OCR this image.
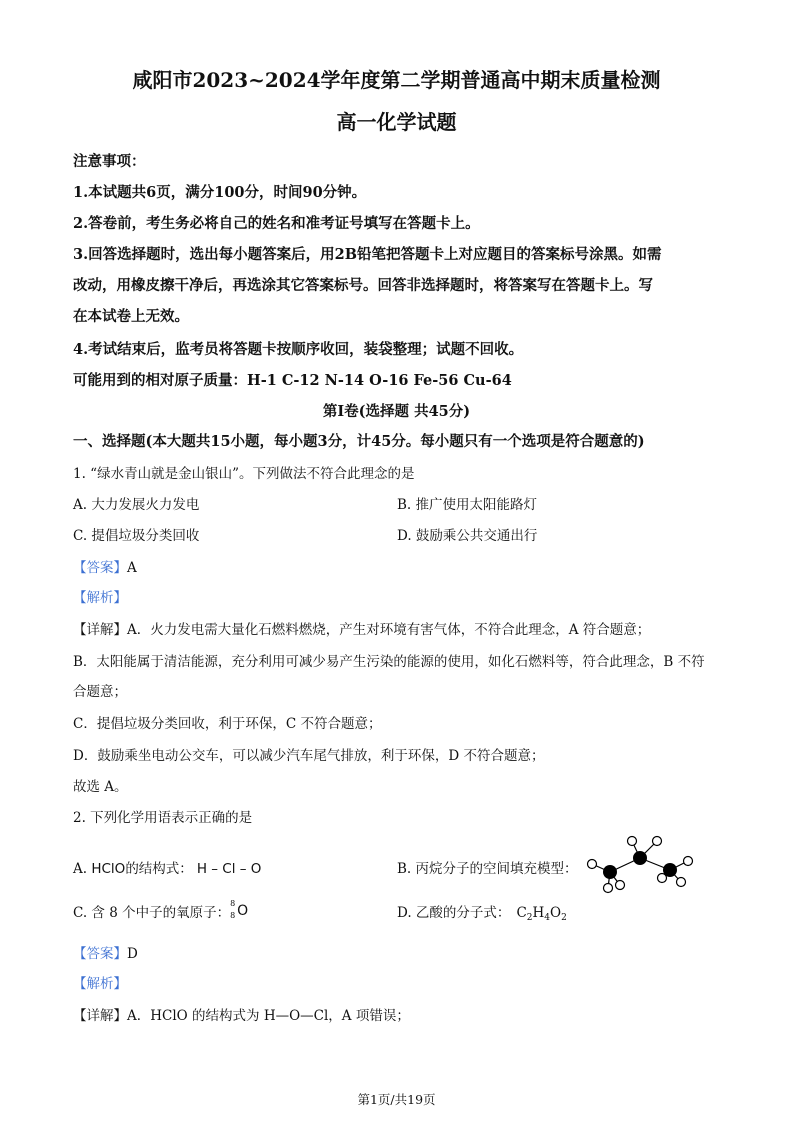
咸阳市2023~2024学年度第二学期普通高中期末质量检测
高一化学试题
注意事项：
1.本试题共6页，满分100分，时间90分钟。
2.答卷前，考生务必将自己的姓名和准考证号填写在答题卡上。
3.回答选择题时，选出每小题答案后，用2B铅笔把答题卡上对应题目的答案标号涂黑。如需
改动，用橡皮擦干净后，再选涂其它答案标号。回答非选择题时，将答案写在答题卡上。写
在本试卷上无效。
4.考试结束后，监考员将答题卡按顺序收回，装袋整理；试题不回收。
可能用到的相对原子质量：H-1 C-12 N-14 O-16 Fe-56 Cu-64
第Ⅰ卷(选择题 共45分)
一、选择题(本大题共15小题，每小题3分，计45分。每小题只有一个选项是符合题意的)
1. “绿水青山就是金山银山”。下列做法不符合此理念的是
A. 大力发展火力发电	B. 推广使用太阳能路灯
C. 提倡垃圾分类回收	D. 鼓励乘公共交通出行
【答案】A
【解析】
【详解】A．火力发电需大量化石燃料燃烧，产生对环境有害气体，不符合此理念，A 符合题意；
B．太阳能属于清洁能源，充分利用可减少易产生污染的能源的使用，如化石燃料等，符合此理念，B 不符
合题意；
C．提倡垃圾分类回收，利于环保，C 不符合题意；
D．鼓励乘坐电动公交车，可以减少汽车尾气排放，利于环保，D 不符合题意；
故选 A。
2. 下列化学用语表示正确的是
A. HClO的结构式： H – Cl – O	B. 丙烷分子的空间填充模型：
C. 含 8 个中子的氧原子：
8
8 O	D. 乙酸的分子式： $C_2H_4O_2$
【答案】D
【解析】
【详解】A．HClO 的结构式为 H—O—Cl，A 项错误；
第1页/共19页
